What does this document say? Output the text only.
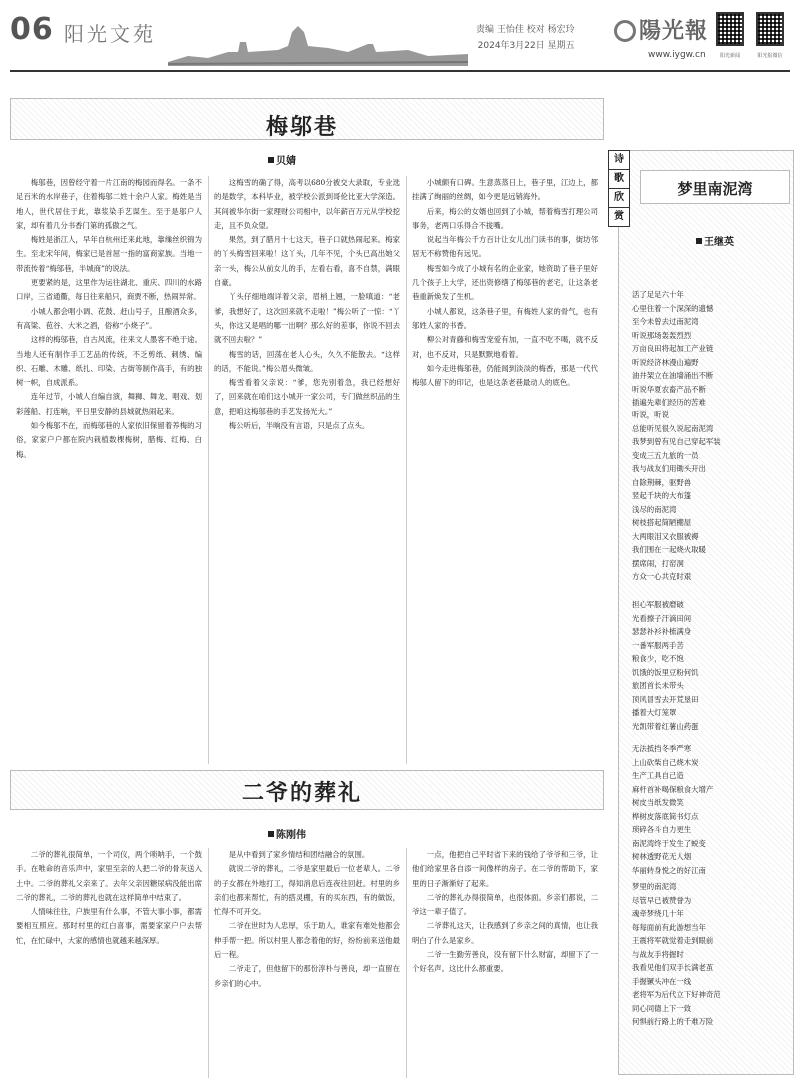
06 阳光文苑	责编 王怡佳 校对 杨宏玲
2024年3月22日 星期五
陽光報
www.iygw.cn	阳光新闻	阳光报微信
梅邬巷
贝婧

梅邬巷，因曾经守着一片江南的梅园而得名。一条不足百米的水岸巷子，住着梅邬二姓十余户人家。梅姓是当地人，世代居住于此，靠浆染手艺谋生。至于是邬户人家，却有着几分书香门第的孤傲之气。

梅姓是浙江人，早年自杭州迁来此地，靠缫丝织锦为生。至北宋年间，梅家已是首屈一指的富商家族。当地一带流传着“梅邬巷，半城商”的说法。

更要紧的是，这里作为运往湖北、重庆、四川的水路口岸，三省通衢，每日往来船只，商贾不断，热闹异常。

小城人都会唱小调、花鼓、赶山号子，且酿酒众多，有高粱、苞谷、大米之酒，俗称“小烧子”。

这样的梅邬巷，自古风流，往来文人墨客不绝于途。当地人还有制作手工艺品的传统，不乏剪纸、刺绣、编织、石雕、木雕、纸扎、印染、古街等制作高手，有的独树一帜，自成派系。

连年过节，小城人自编自演，舞狮、舞龙、唱戏、划彩莲船、打连响，平日里安静的县城就热闹起来。

如今梅邬不在，而梅邬巷的人家依旧保留着养梅的习俗，家家户户都在院内栽植数棵梅树，腊梅、红梅、白梅。

这梅雪的确了得，高考以680分被交大录取，专业选的是数学，本科毕业，被学校公派到哥伦比亚大学深造。其间被华尔街一家理财公司相中，以年薪百万元从学校挖走，且不负众望。

果然，到了腊月十七这天，巷子口就热闹起来。梅家的丫头梅雪回来啦！这丫头，几年不见，个头已高出她父亲一头，梅公从前女儿的手，左看右看，喜不自禁，满眼自豪。

丫头仔细地端详着父亲，眉梢上翘，一脸嗔道：“老爹，我想好了，这次回来就不走啦！”梅公听了一惊：“丫头，你这又是唱的哪一出啊？那么好的差事，你说不回去就不回去啦？”

梅雪的话，回荡在老人心头，久久不能散去。“这样的话，不能说。”梅公眉头微皱。

梅雪看着父亲说：“爹，您先别着急，我已经想好了，回来就在咱们这小城开一家公司，专门做丝织品的生意，把咱这梅邬巷的手艺发扬光大。”

梅公听后，半晌没有言语，只是点了点头。

小城颇有口碑。生意蒸蒸日上，巷子里，江边上，都挂满了绚丽的丝绸，如今更是远销海外。

后来，梅公的女婿也回到了小城，帮着梅雪打理公司事务，老两口乐得合不拢嘴。

说起当年梅公千方百计让女儿出门读书的事，街坊邻居无不称赞他有远见。

梅雪如今成了小城有名的企业家，她资助了巷子里好几个孩子上大学，还出资修缮了梅邬巷的老宅，让这条老巷重新焕发了生机。

小城人都说，这条巷子里，有梅姓人家的骨气，也有邬姓人家的书香。

柳公对青藤和梅雪宠爱有加，一直不吃不喝，就不反对，也不反对，只是默默地看着。

如今走进梅邬巷，仍能闻到淡淡的梅香，那是一代代梅邬人留下的印记，也是这条老巷最动人的底色。

二爷的葬礼
陈刚伟

二爷的葬礼很简单，一个司仪，两个唢呐手，一个鼓手。在唯命的音乐声中，家里至亲的人把二爷的骨灰送入土中。二爷的葬礼父亲来了。去年父亲因糖尿病没能出席二爷的葬礼，二爷的葬礼也就在这样简单中结束了。

人情味往往，户族里有什么事，不管大事小事，都需要相互照应。那时村里的红白喜事，需要家家户户去帮忙，在忙碌中，大家的感情也就越来越深厚。

是从中看到了家乡情结和团结融合的氛围。

就说二爷的葬礼，二爷是家里最后一位老辈人。二爷的子女都在外地打工，得知消息后连夜往回赶。村里的乡亲们也都来帮忙，有的搭灵棚，有的买东西，有的做饭，忙得不可开交。

二爷在世时为人忠厚，乐于助人，谁家有难处他都会伸手帮一把。所以村里人都念着他的好，纷纷前来送他最后一程。

二爷走了，但他留下的那份淳朴与善良，却一直留在乡亲们的心中。

一点，他把自己平时省下来的钱给了爷爷和三爷，让他们给家里各自添一间像样的房子。在二爷的帮助下，家里的日子渐渐好了起来。

二爷的葬礼办得很简单，也很体面。乡亲们都说，二爷这一辈子值了。

二爷葬礼这天，让我感到了乡亲之间的真情，也让我明白了什么是家乡。

二爷一生勤劳善良，没有留下什么财富，却留下了一个好名声。这比什么都重要。

诗
歌
欣
赏
梦里南泥湾
王继英
活了足足六十年
心里住着一个深深的遗憾
至今未曾去过南泥湾
听说那场轰轰烈烈
万亩良田将起加工产业链
听说经济林漫山遍野
油井架立在油墙涌出不断
听说华夏农畜产品不断
插遍先辈们经历的苦难
听说，听说
总能听见很久说起南泥湾
我梦到曾有见自己穿起军装
变成三五九旅的一员
我与战友们用锄头开出
自除荆棘，驱野兽
竖起千块的大布篷
浅尽的南泥湾
树枝搭起简陋棚屋
大两眼泪又衣服被褥
我们围在一起烧火取暖
摆席闹，打窑洞
方众一心共克时艰
担心军服被磨破
光看擦子汗滴田间
瑟瑟补衫补梳满身
一番军服两手苦
粮食少，吃不饱
饥饿的饭里豆粉何饥
旅团首长未带头
顶风冒雪去开荒垦田
播着大灯笼罩
光凯带着红薯山药蛋
无法抵挡冬季严寒
上山砍柴自己烧木炭
生产工具自己造
麻杆首补喝保粮食大增产
树皮当纸发微笑
桦树皮落底简书灯点
琐碎各斗自力更生
南泥湾终于发生了蜕变
树林透野花无人烟
华丽转身悦之的好江南
梦里的南泥湾
尽管早已被赞誉为
魂牵梦绕几十年
每每面前有此游想当年
王震将军就觉着走到眼前
与战友手将握时
我看见他们双手长满老茧
手握镢头冲在一线
老将军为后代立下好神奇范
同心同德上下一致
何惧前行路上的千难万险
